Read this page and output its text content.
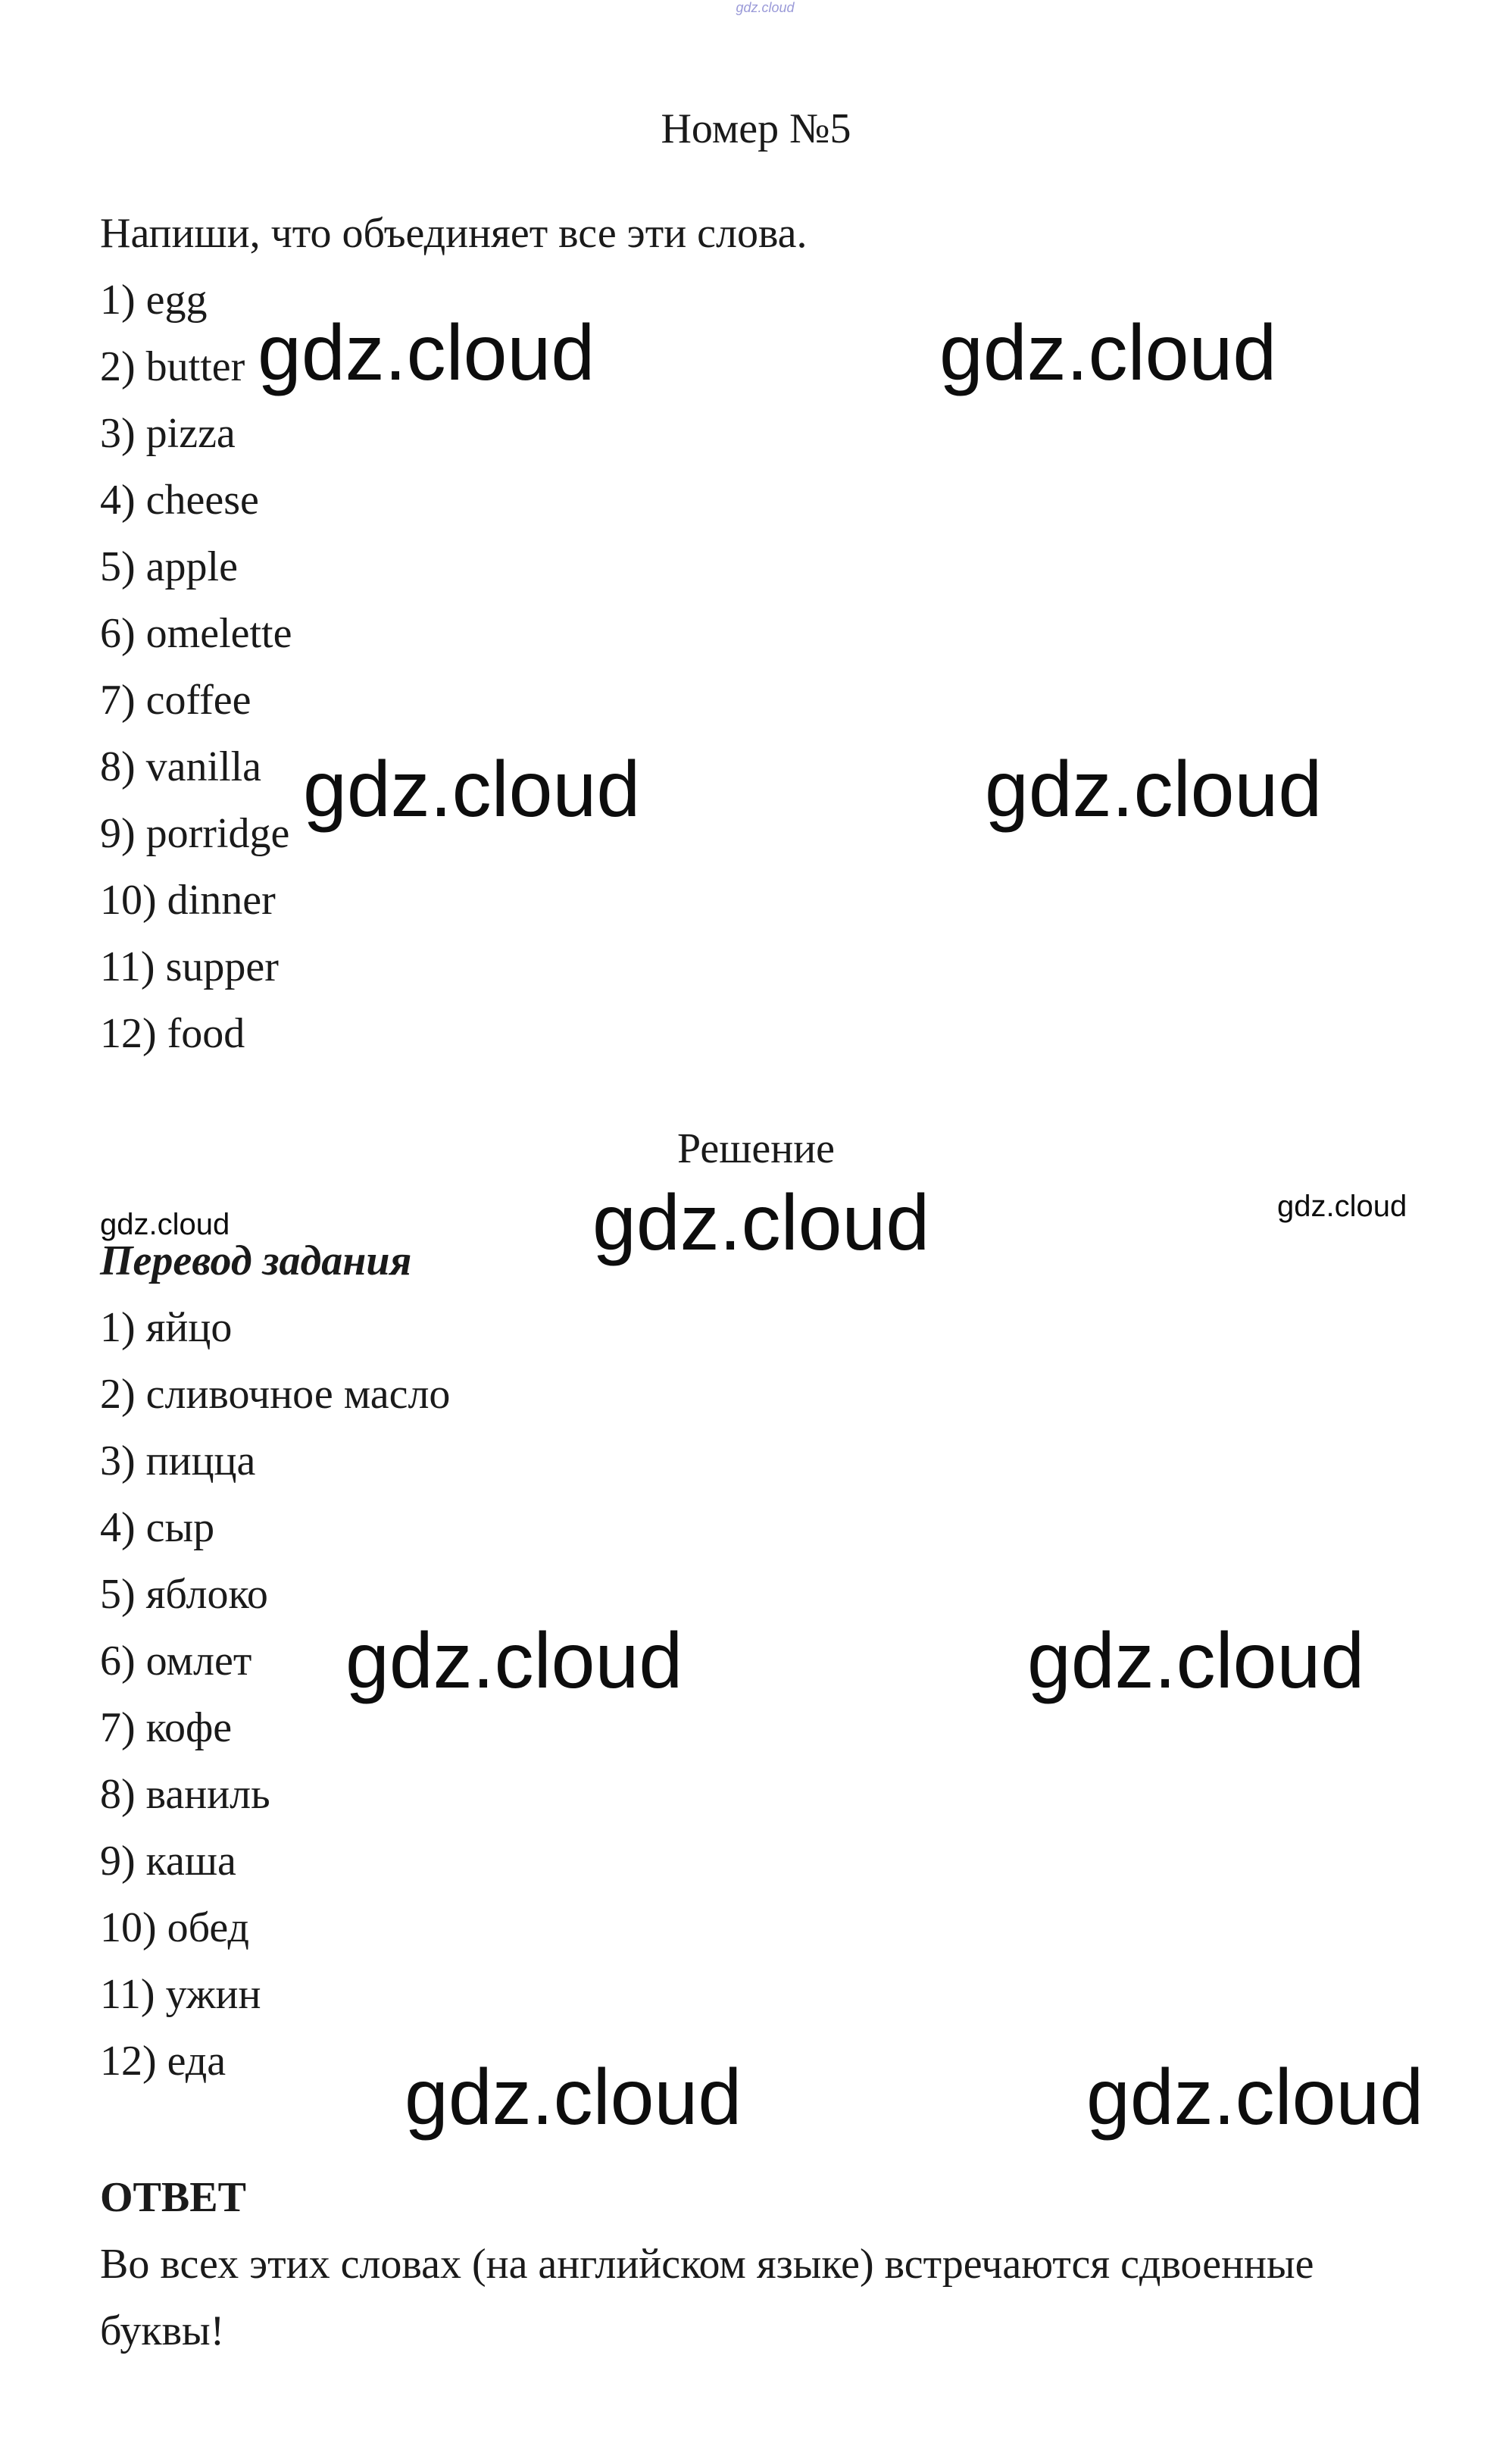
gdz.cloud
Номер №5
Напиши, что объединяет все эти слова.
1) egg
2) butter
3) pizza
4) cheese
5) apple
6) omelette
7) coffee
8) vanilla
9) porridge
10) dinner
11) supper
12) food
Решение
Перевод задания
1) яйцо
2) сливочное масло
3) пицца
4) сыр
5) яблоко
6) омлет
7) кофе
8) ваниль
9) каша
10) обед
11) ужин
12) еда
ОТВЕТ
Во всех этих словах (на английском языке) встречаются сдвоенные
буквы!
gdz.cloud	gdz.cloud
gdz.cloud	gdz.cloud
gdz.cloud	gdz.cloud	gdz.cloud
gdz.cloud	gdz.cloud
gdz.cloud	gdz.cloud
